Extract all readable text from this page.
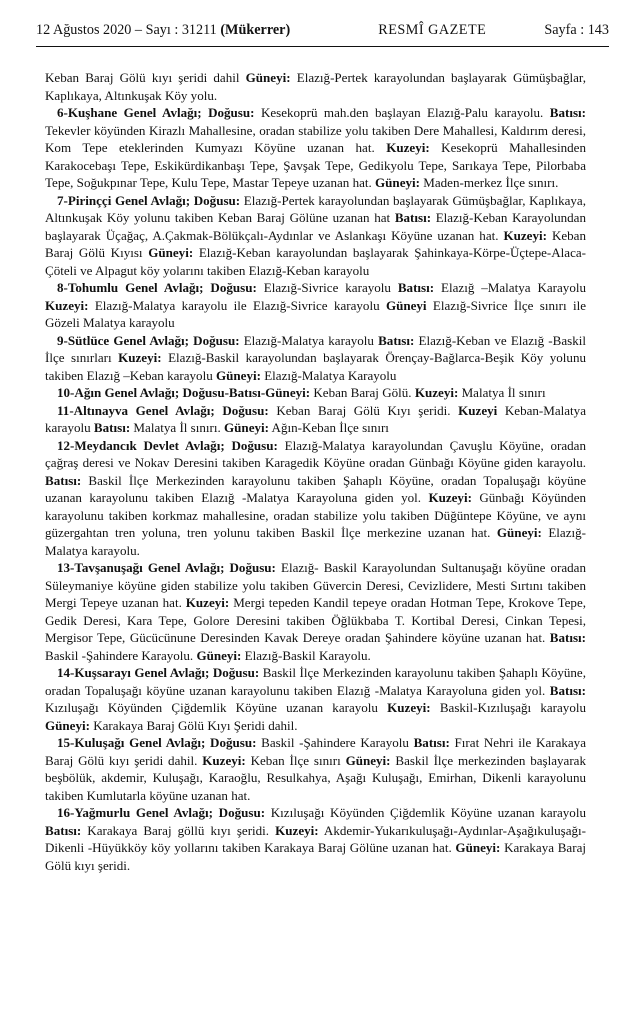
12 Ağustos 2020 – Sayı : 31211 (Mükerrer)	RESMÎ GAZETE	Sayfa : 143

Keban Baraj Gölü kıyı şeridi dahil Güneyi: Elazığ-Pertek karayolundan başlayarak Gümüşbağlar, Kaplıkaya, Altınkuşak Köy yolu.

6-Kuşhane Genel Avlağı; Doğusu: Kesekoprü mah.den başlayan Elazığ-Palu karayolu. Batısı: Tekevler köyünden Kirazlı Mahallesine, oradan stabilize yolu takiben Dere Mahallesi, Kaldırım deresi, Kom Tepe eteklerinden Kumyazı Köyüne uzanan hat. Kuzeyi: Kesekoprü Mahallesinden Karakocebaşı Tepe, Eskikürdikanbaşı Tepe, Şavşak Tepe, Gedikyolu Tepe, Sarıkaya Tepe, Pilorbaba Tepe, Soğukpınar Tepe, Kulu Tepe, Mastar Tepeye uzanan hat. Güneyi: Maden-merkez İlçe sınırı.

7-Pirinççi Genel Avlağı; Doğusu: Elazığ-Pertek karayolundan başlayarak Gümüşbağlar, Kaplıkaya, Altınkuşak Köy yolunu takiben Keban Baraj Gölüne uzanan hat Batısı: Elazığ-Keban Karayolundan başlayarak Üçağaç, A.Çakmak-Bölükçalı-Aydınlar ve Aslankaşı Köyüne uzanan hat. Kuzeyi: Keban Baraj Gölü Kıyısı Güneyi: Elazığ-Keban karayolundan başlayarak Şahinkaya-Körpe-Üçtepe-Alaca-Çöteli ve Alpagut köy yolarını takiben Elazığ-Keban karayolu

8-Tohumlu Genel Avlağı; Doğusu: Elazığ-Sivrice karayolu Batısı: Elazığ –Malatya Karayolu Kuzeyi: Elazığ-Malatya karayolu ile Elazığ-Sivrice karayolu Güneyi Elazığ-Sivrice İlçe sınırı ile Gözeli Malatya karayolu

9-Sütlüce Genel Avlağı; Doğusu: Elazığ-Malatya karayolu Batısı: Elazığ-Keban ve Elazığ -Baskil İlçe sınırları Kuzeyi: Elazığ-Baskil karayolundan başlayarak Örençay-Bağlarca-Beşik Köy yolunu takiben Elazığ –Keban karayolu Güneyi: Elazığ-Malatya Karayolu

10-Ağın Genel Avlağı; Doğusu-Batısı-Güneyi: Keban Baraj Gölü. Kuzeyi: Malatya İl sınırı

11-Altınayva Genel Avlağı; Doğusu: Keban Baraj Gölü Kıyı şeridi. Kuzeyi Keban-Malatya karayolu Batısı: Malatya İl sınırı. Güneyi: Ağın-Keban İlçe sınırı

12-Meydancık Devlet Avlağı; Doğusu: Elazığ-Malatya karayolundan Çavuşlu Köyüne, oradan çağraş deresi ve Nokav Deresini takiben Karagedik Köyüne oradan Günbağı Köyüne giden karayolu. Batısı: Baskil İlçe Merkezinden karayolunu takiben Şahaplı Köyüne, oradan Topaluşağı köyüne uzanan karayolunu takiben Elazığ -Malatya Karayoluna giden yol. Kuzeyi: Günbağı Köyünden karayolunu takiben korkmaz mahallesine, oradan stabilize yolu takiben Düğüntepe Köyüne, ve aynı güzergahtan tren yoluna, tren yolunu takiben Baskil İlçe merkezine uzanan hat. Güneyi: Elazığ-Malatya karayolu.

13-Tavşanuşağı Genel Avlağı; Doğusu: Elazığ- Baskil Karayolundan Sultanuşağı köyüne oradan Süleymaniye köyüne giden stabilize yolu takiben Güvercin Deresi, Cevizlidere, Mesti Sırtını takiben Mergi Tepeye uzanan hat. Kuzeyi: Mergi tepeden Kandil tepeye oradan Hotman Tepe, Krokove Tepe, Gedik Deresi, Kara Tepe, Golore Deresini takiben Öğlükbaba T. Kortibal Deresi, Cinkan Tepesi, Mergisor Tepe, Gücücünune Deresinden Kavak Dereye oradan Şahindere köyüne uzanan hat. Batısı: Baskil -Şahindere Karayolu. Güneyi: Elazığ-Baskil Karayolu.

14-Kuşsarayı Genel Avlağı; Doğusu: Baskil İlçe Merkezinden karayolunu takiben Şahaplı Köyüne, oradan Topaluşağı köyüne uzanan karayolunu takiben Elazığ -Malatya Karayoluna giden yol. Batısı: Kızıluşağı Köyünden Çiğdemlik Köyüne uzanan karayolu Kuzeyi: Baskil-Kızıluşağı karayolu Güneyi: Karakaya Baraj Gölü Kıyı Şeridi dahil.

15-Kuluşağı Genel Avlağı; Doğusu: Baskil -Şahindere Karayolu Batısı: Fırat Nehri ile Karakaya Baraj Gölü kıyı şeridi dahil. Kuzeyi: Keban İlçe sınırı Güneyi: Baskil İlçe merkezinden başlayarak beşbölük, akdemir, Kuluşağı, Karaoğlu, Resulkahya, Aşağı Kuluşağı, Emirhan, Dikenli karayolunu takiben Kumlutarla köyüne uzanan hat.

16-Yağmurlu Genel Avlağı; Doğusu: Kızıluşağı Köyünden Çiğdemlik Köyüne uzanan karayolu Batısı: Karakaya Baraj göllü kıyı şeridi. Kuzeyi: Akdemir-Yukarıkuluşağı-Aydınlar-Aşağıkuluşağı-Dikenli -Hüyükköy köy yollarını takiben Karakaya Baraj Gölüne uzanan hat. Güneyi: Karakaya Baraj Gölü kıyı şeridi.
